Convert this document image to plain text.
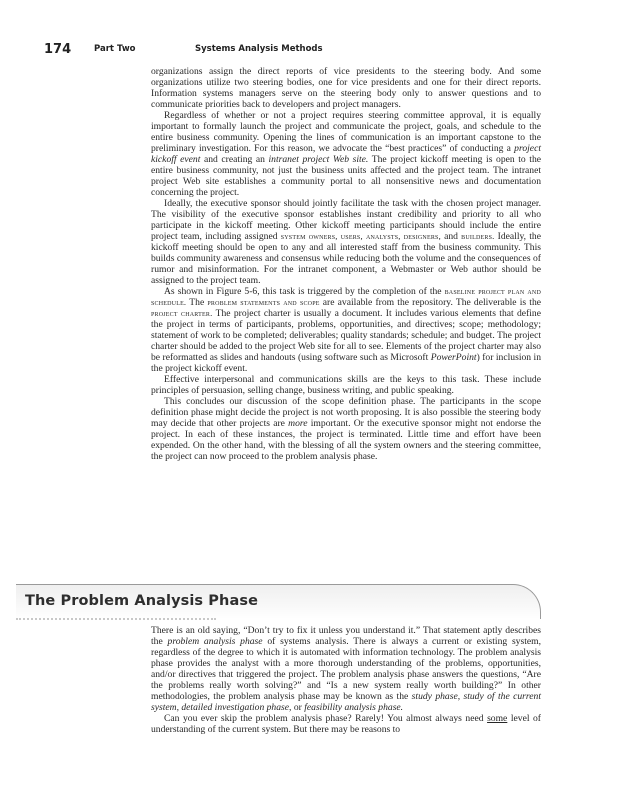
174	Part Two	Systems Analysis Methods

organizations assign the direct reports of vice presidents to the steering body. And some organizations utilize two steering bodies, one for vice presidents and one for their direct reports. Information systems managers serve on the steering body only to answer questions and to communicate priorities back to developers and project managers.

Regardless of whether or not a project requires steering committee approval, it is equally important to formally launch the project and communicate the project, goals, and schedule to the entire business community. Opening the lines of communication is an important capstone to the preliminary investigation. For this reason, we advocate the “best practices” of conducting a project kickoff event and creating an intranet project Web site. The project kickoff meeting is open to the entire business community, not just the business units affected and the project team. The intranet project Web site establishes a community portal to all nonsensitive news and documentation concerning the project.

Ideally, the executive sponsor should jointly facilitate the task with the chosen project manager. The visibility of the executive sponsor establishes instant credibility and priority to all who participate in the kickoff meeting. Other kickoff meeting participants should include the entire project team, including assigned system owners, users, analysts, designers, and builders. Ideally, the kickoff meeting should be open to any and all interested staff from the business community. This builds community awareness and consensus while reducing both the volume and the consequences of rumor and misinformation. For the intranet component, a Webmaster or Web author should be assigned to the project team.

As shown in Figure 5-6, this task is triggered by the completion of the baseline project plan and schedule. The problem statements and scope are available from the repository. The deliverable is the project charter. The project charter is usually a document. It includes various elements that define the project in terms of participants, problems, opportunities, and directives; scope; methodology; statement of work to be completed; deliverables; quality standards; schedule; and budget. The project charter should be added to the project Web site for all to see. Elements of the project charter may also be reformatted as slides and handouts (using software such as Microsoft PowerPoint) for inclusion in the project kickoff event.

Effective interpersonal and communications skills are the keys to this task. These include principles of persuasion, selling change, business writing, and public speaking.

This concludes our discussion of the scope definition phase. The participants in the scope definition phase might decide the project is not worth proposing. It is also possible the steering body may decide that other projects are more important. Or the executive sponsor might not endorse the project. In each of these instances, the project is terminated. Little time and effort have been expended. On the other hand, with the blessing of all the system owners and the steering committee, the project can now proceed to the problem analysis phase.

The Problem Analysis Phase

There is an old saying, “Don’t try to fix it unless you understand it.” That statement aptly describes the problem analysis phase of systems analysis. There is always a current or existing system, regardless of the degree to which it is automated with information technology. The problem analysis phase provides the analyst with a more thorough understanding of the problems, opportunities, and/or directives that triggered the project. The problem analysis phase answers the questions, “Are the problems really worth solving?” and “Is a new system really worth building?” In other methodologies, the problem analysis phase may be known as the study phase, study of the current system, detailed investigation phase, or feasibility analysis phase.

Can you ever skip the problem analysis phase? Rarely! You almost always need some level of understanding of the current system. But there may be reasons to
